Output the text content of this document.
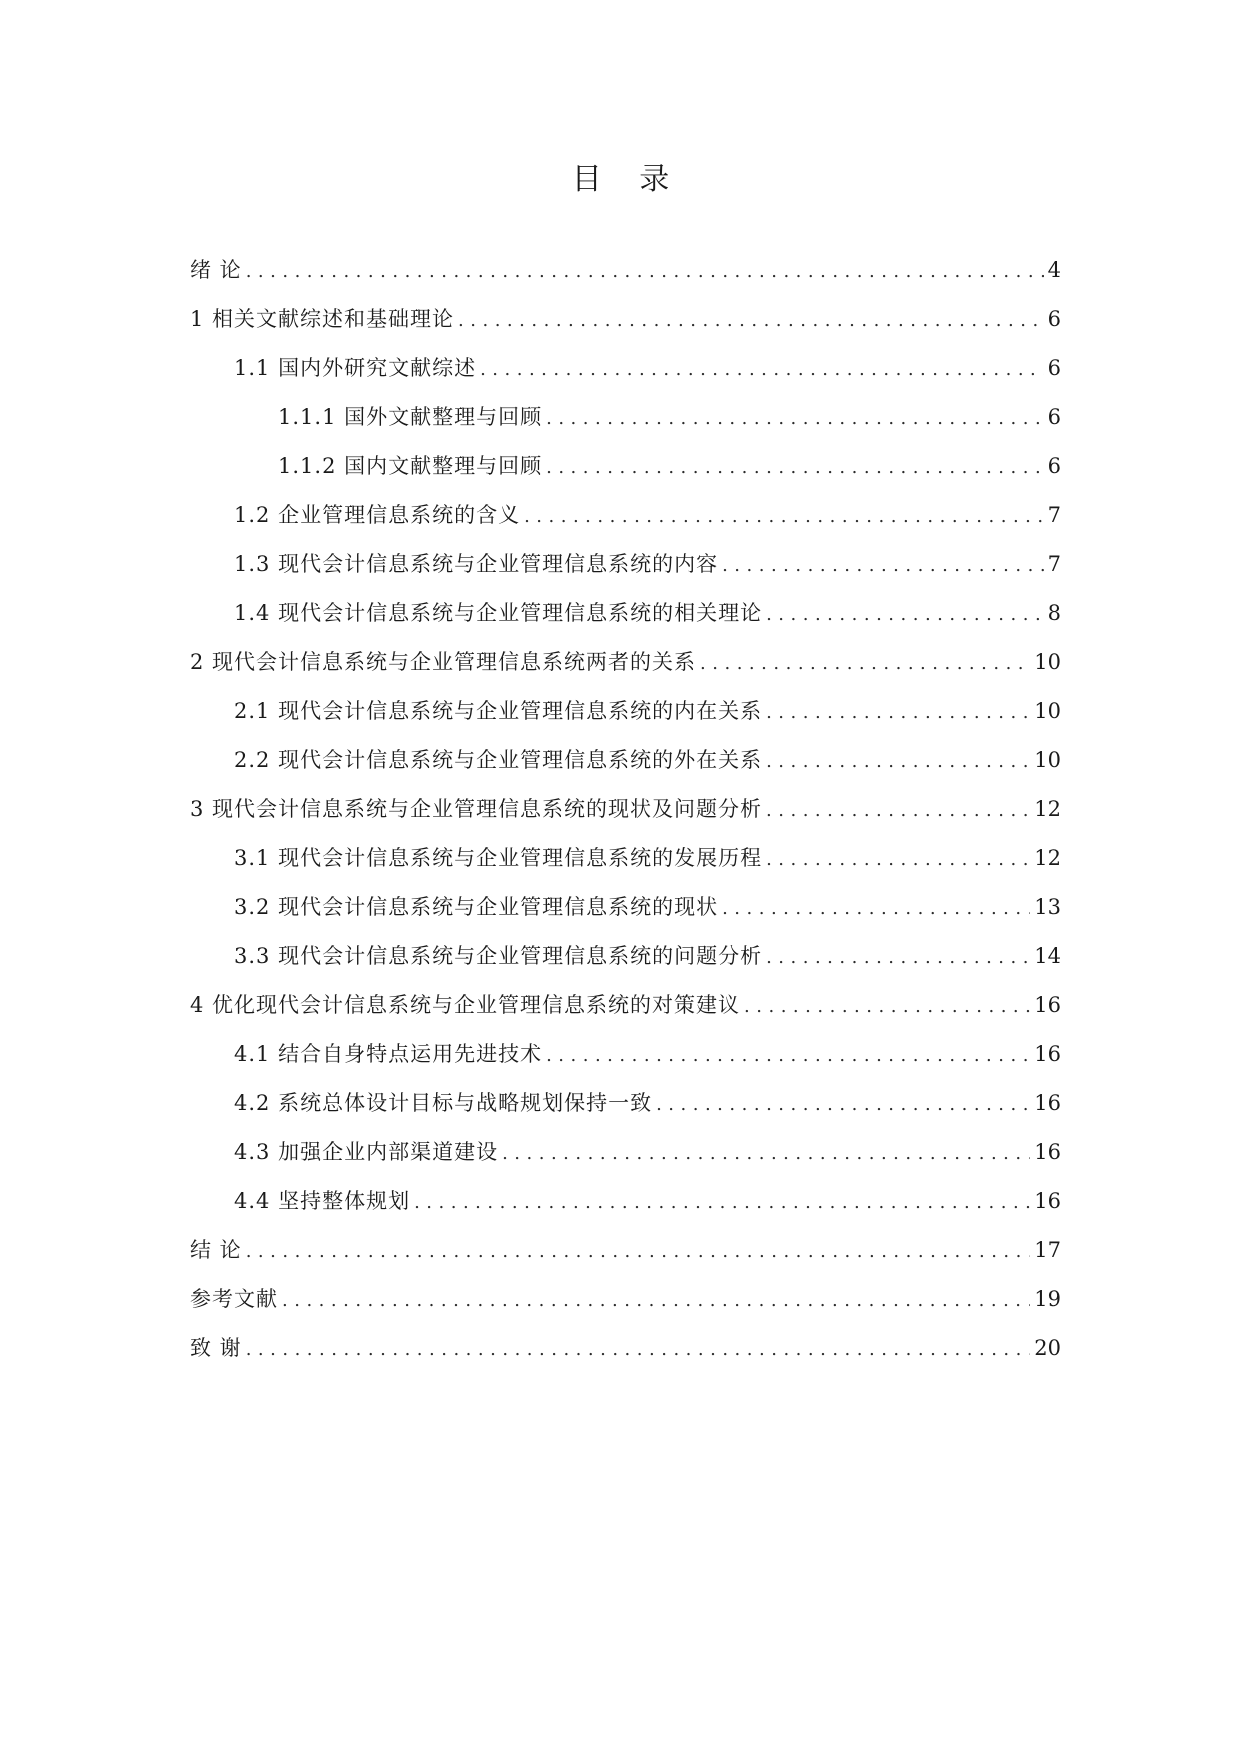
目 录
绪 论 .....	4
1 相关文献综述和基础理论 .....	6
1.1 国内外研究文献综述 .....	6
1.1.1 国外文献整理与回顾 .....	6
1.1.2 国内文献整理与回顾 .....	6
1.2 企业管理信息系统的含义 .....	7
1.3 现代会计信息系统与企业管理信息系统的内容 .....	7
1.4 现代会计信息系统与企业管理信息系统的相关理论 .....	8
2 现代会计信息系统与企业管理信息系统两者的关系 .....	10
2.1 现代会计信息系统与企业管理信息系统的内在关系 .....	10
2.2 现代会计信息系统与企业管理信息系统的外在关系 .....	10
3 现代会计信息系统与企业管理信息系统的现状及问题分析 .....	12
3.1 现代会计信息系统与企业管理信息系统的发展历程 .....	12
3.2 现代会计信息系统与企业管理信息系统的现状 .....	13
3.3 现代会计信息系统与企业管理信息系统的问题分析 .....	14
4 优化现代会计信息系统与企业管理信息系统的对策建议 .....	16
4.1 结合自身特点运用先进技术 .....	16
4.2 系统总体设计目标与战略规划保持一致 .....	16
4.3 加强企业内部渠道建设 .....	16
4.4 坚持整体规划 .....	16
结 论 .....	17
参考文献 .....	19
致 谢 .....	20
